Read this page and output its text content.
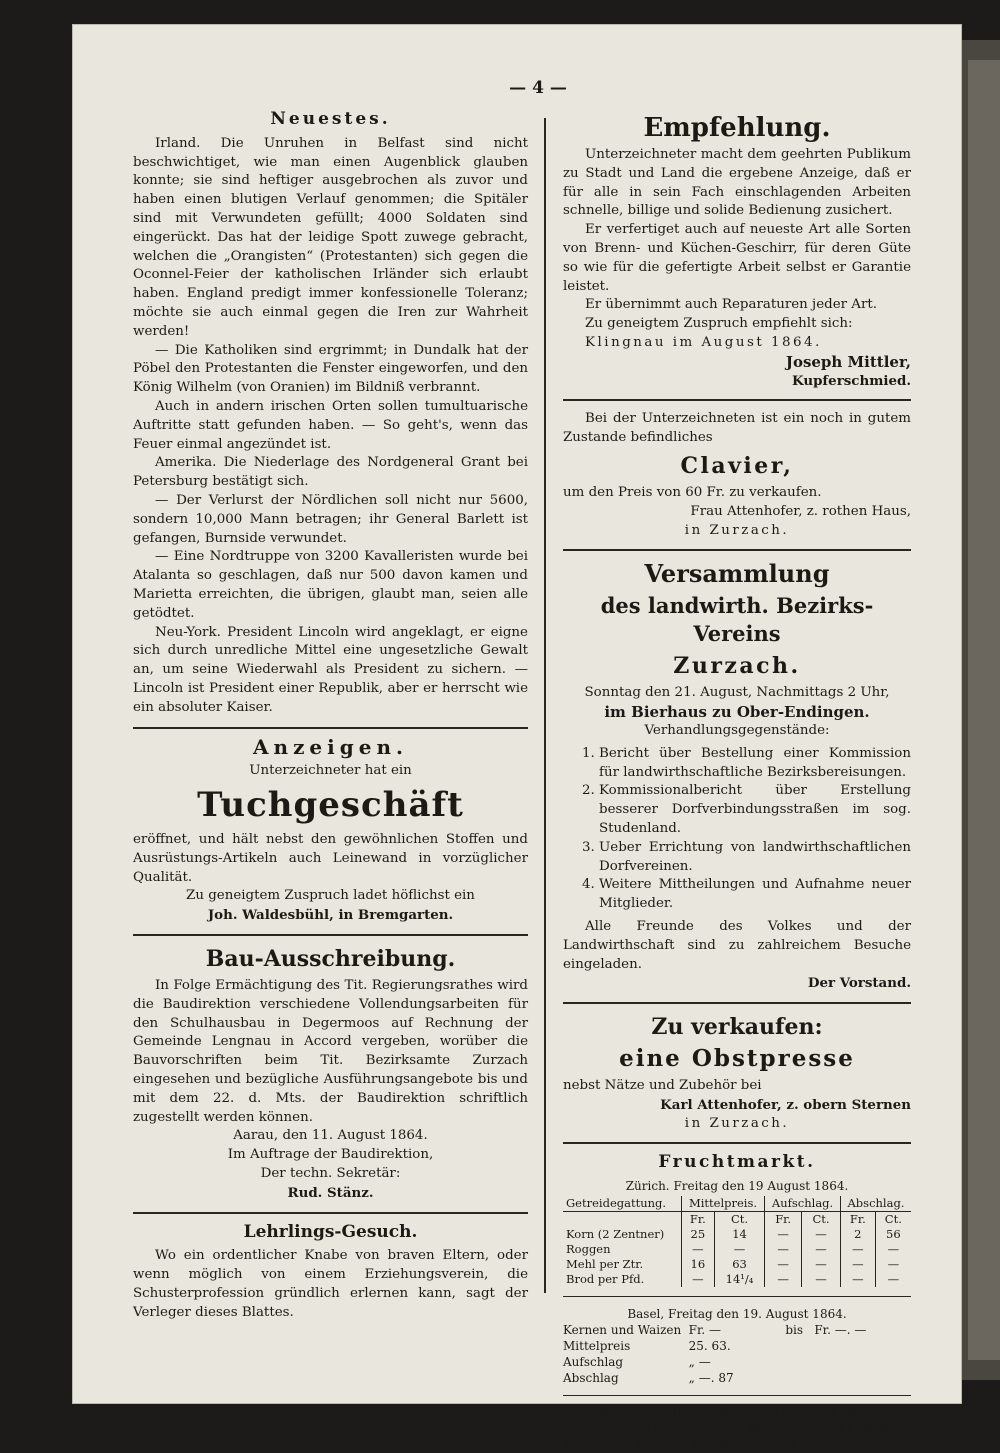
— 4 —
Neuestes.

Irland. Die Unruhen in Belfast sind nicht beschwichtiget, wie man einen Augenblick glauben konnte; sie sind heftiger ausgebrochen als zuvor und haben einen blutigen Verlauf genommen; die Spitäler sind mit Verwundeten gefüllt; 4000 Soldaten sind eingerückt. Das hat der leidige Spott zuwege gebracht, welchen die „Orangisten“ (Protestanten) sich gegen die Oconnel-Feier der katholischen Irländer sich erlaubt haben. England predigt immer konfessionelle Toleranz; möchte sie auch einmal gegen die Iren zur Wahrheit werden!

— Die Katholiken sind ergrimmt; in Dundalk hat der Pöbel den Protestanten die Fenster eingeworfen, und den König Wilhelm (von Oranien) im Bildniß verbrannt.

Auch in andern irischen Orten sollen tumultuarische Auftritte statt gefunden haben. — So geht's, wenn das Feuer einmal angezündet ist.

Amerika. Die Niederlage des Nordgeneral Grant bei Petersburg bestätigt sich.

— Der Verlurst der Nördlichen soll nicht nur 5600, sondern 10,000 Mann betragen; ihr General Barlett ist gefangen, Burnside verwundet.

— Eine Nordtruppe von 3200 Kavalleristen wurde bei Atalanta so geschlagen, daß nur 500 davon kamen und Marietta erreichten, die übrigen, glaubt man, seien alle getödtet.

Neu-York. President Lincoln wird angeklagt, er eigne sich durch unredliche Mittel eine ungesetzliche Gewalt an, um seine Wiederwahl als President zu sichern. — Lincoln ist President einer Republik, aber er herrscht wie ein absoluter Kaiser.

Anzeigen.

Unterzeichneter hat ein

Tuchgeschäft

eröffnet, und hält nebst den gewöhnlichen Stoffen und Ausrüstungs-Artikeln auch Leinewand in vorzüglicher Qualität.

Zu geneigtem Zuspruch ladet höflichst ein

Joh. Waldesbühl, in Bremgarten.

Bau-Ausschreibung.

In Folge Ermächtigung des Tit. Regierungsrathes wird die Baudirektion verschiedene Vollendungsarbeiten für den Schulhausbau in Degermoos auf Rechnung der Gemeinde Lengnau in Accord vergeben, worüber die Bauvorschriften beim Tit. Bezirksamte Zurzach eingesehen und bezügliche Ausführungsangebote bis und mit dem 22. d. Mts. der Baudirektion schriftlich zugestellt werden können.

Aarau, den 11. August 1864.

Im Auftrage der Baudirektion,

Der techn. Sekretär:

Rud. Stänz.

Lehrlings-Gesuch.

Wo ein ordentlicher Knabe von braven Eltern, oder wenn möglich von einem Erziehungsverein, die Schusterprofession gründlich erlernen kann, sagt der Verleger dieses Blattes.

Empfehlung.

Unterzeichneter macht dem geehrten Publikum zu Stadt und Land die ergebene Anzeige, daß er für alle in sein Fach einschlagenden Arbeiten schnelle, billige und solide Bedienung zusichert.

Er verfertiget auch auf neueste Art alle Sorten von Brenn- und Küchen-Geschirr, für deren Güte so wie für die gefertigte Arbeit selbst er Garantie leistet.

Er übernimmt auch Reparaturen jeder Art.

Zu geneigtem Zuspruch empfiehlt sich:

Klingnau im August 1864.

Joseph Mittler,

Kupferschmied.

Bei der Unterzeichneten ist ein noch in gutem Zustande befindliches

Clavier,

um den Preis von 60 Fr. zu verkaufen.

Frau Attenhofer, z. rothen Haus,

in Zurzach.

Versammlung
des landwirth. Bezirks-Vereins
Zurzach.

Sonntag den 21. August, Nachmittags 2 Uhr,

im Bierhaus zu Ober-Endingen.

Verhandlungsgegenstände:

1. Bericht über Bestellung einer Kommission für landwirthschaftliche Bezirksbereisungen.
2. Kommissionalbericht über Erstellung besserer Dorfverbindungsstraßen im sog. Studenland.
3. Ueber Errichtung von landwirthschaftlichen Dorfvereinen.
4. Weitere Mittheilungen und Aufnahme neuer Mitglieder.

Alle Freunde des Volkes und der Landwirthschaft sind zu zahlreichem Besuche eingeladen.

Der Vorstand.

Zu verkaufen:
eine Obstpresse

nebst Nätze und Zubehör bei

Karl Attenhofer, z. obern Sternen

in Zurzach.

Fruchtmarkt.

Zürich. Freitag den 19 August 1864.

Getreidegattung.	Mittelpreis.		Aufschlag.		Abschlag.	
	Fr.	Ct.	Fr.	Ct.	Fr.	Ct.
Korn (2 Zentner)	25	14	—	—	2	56
Roggen	—	—	—	—	—	—
Mehl per Ztr.	16	63	—	—	—	—
Brod per Pfd.	—	14¹/₄	—	—	—	—

Basel, Freitag den 19. August 1864.

Kernen und Waizen Fr. —	bis Fr. —. —
Mittelpreis	25. 63.
Aufschlag	„ —
Abschlag	„ —. 87

Rorschach, Donnerstag den 18 August 1864.

Verkauft 2510 Doppelzentner. Mittelpreis 27 Fr. 94 Rp.

Aufschlag – Fr. – Rp. Abschlag – Fr. 99
